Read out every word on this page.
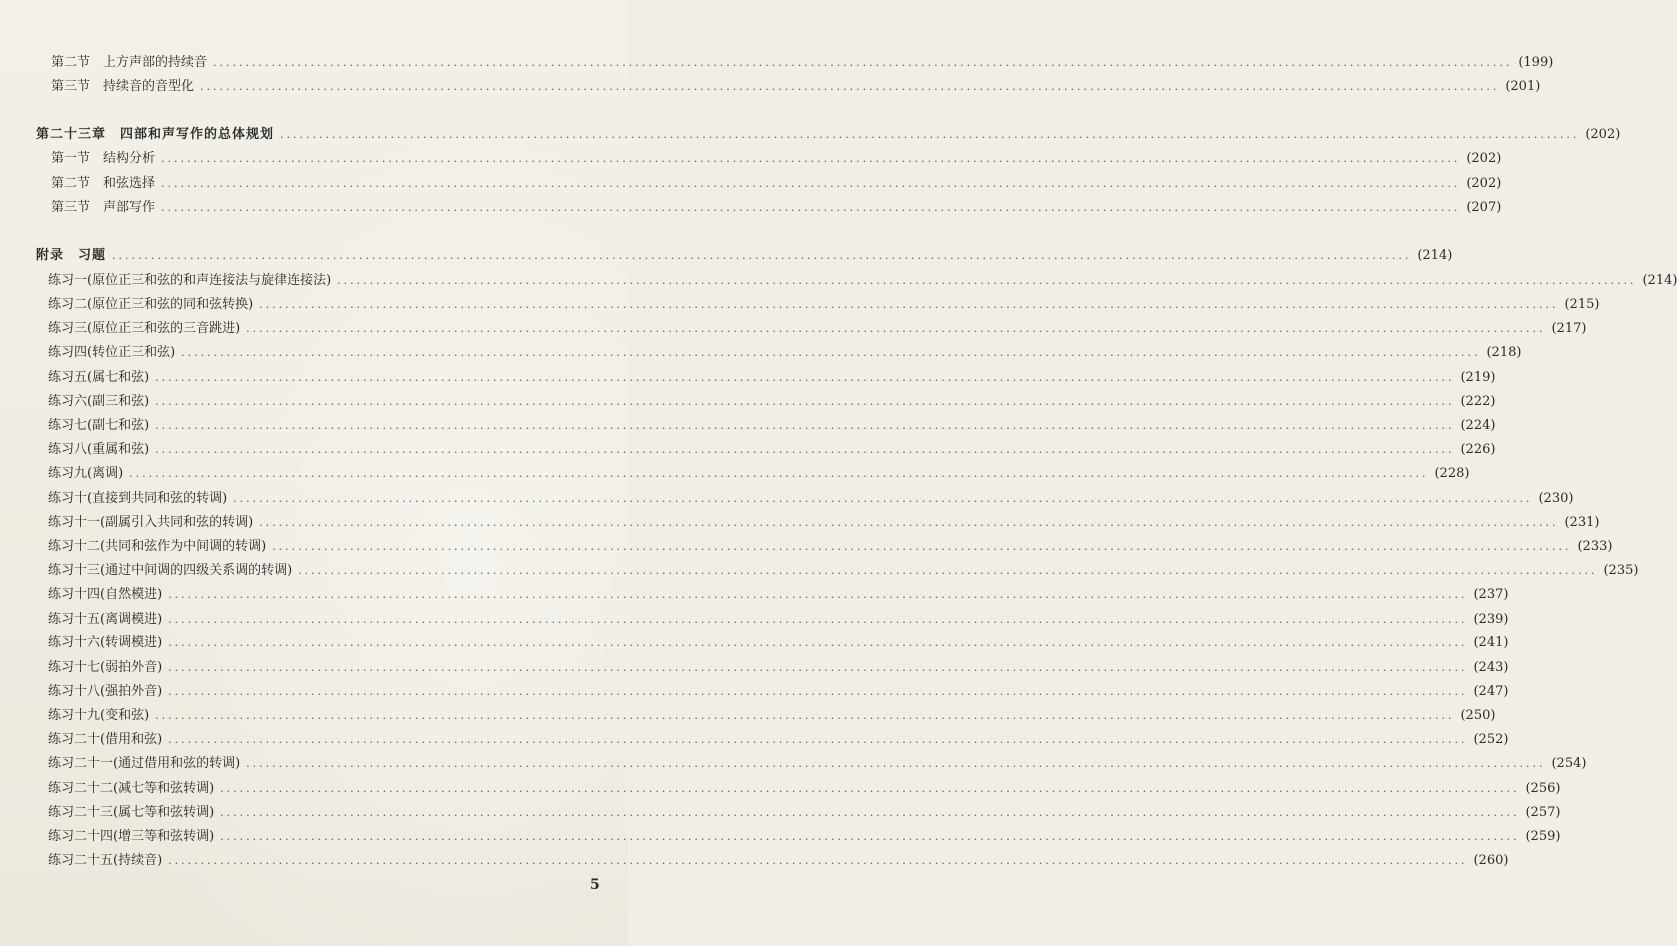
第二节　上方声部的持续音 ........................................................................................................................................................................................................ (199)
第三节　持续音的音型化 ........................................................................................................................................................................................................ (201)
第二十三章　四部和声写作的总体规划 ........................................................................................................................................................................................................ (202)
第一节　结构分析 ........................................................................................................................................................................................................ (202)
第二节　和弦选择 ........................................................................................................................................................................................................ (202)
第三节　声部写作 ........................................................................................................................................................................................................ (207)
附录　习题 ........................................................................................................................................................................................................ (214)
练习一(原位正三和弦的和声连接法与旋律连接法) ........................................................................................................................................................................................................ (214)
练习二(原位正三和弦的同和弦转换) ........................................................................................................................................................................................................ (215)
练习三(原位正三和弦的三音跳进) ........................................................................................................................................................................................................ (217)
练习四(转位正三和弦) ........................................................................................................................................................................................................ (218)
练习五(属七和弦) ........................................................................................................................................................................................................ (219)
练习六(副三和弦) ........................................................................................................................................................................................................ (222)
练习七(副七和弦) ........................................................................................................................................................................................................ (224)
练习八(重属和弦) ........................................................................................................................................................................................................ (226)
练习九(离调) ........................................................................................................................................................................................................ (228)
练习十(直接到共同和弦的转调) ........................................................................................................................................................................................................ (230)
练习十一(副属引入共同和弦的转调) ........................................................................................................................................................................................................ (231)
练习十二(共同和弦作为中间调的转调) ........................................................................................................................................................................................................ (233)
练习十三(通过中间调的四级关系调的转调) ........................................................................................................................................................................................................ (235)
练习十四(自然模进) ........................................................................................................................................................................................................ (237)
练习十五(离调模进) ........................................................................................................................................................................................................ (239)
练习十六(转调模进) ........................................................................................................................................................................................................ (241)
练习十七(弱拍外音) ........................................................................................................................................................................................................ (243)
练习十八(强拍外音) ........................................................................................................................................................................................................ (247)
练习十九(变和弦) ........................................................................................................................................................................................................ (250)
练习二十(借用和弦) ........................................................................................................................................................................................................ (252)
练习二十一(通过借用和弦的转调) ........................................................................................................................................................................................................ (254)
练习二十二(减七等和弦转调) ........................................................................................................................................................................................................ (256)
练习二十三(属七等和弦转调) ........................................................................................................................................................................................................ (257)
练习二十四(增三等和弦转调) ........................................................................................................................................................................................................ (259)
练习二十五(持续音) ........................................................................................................................................................................................................ (260)
5
